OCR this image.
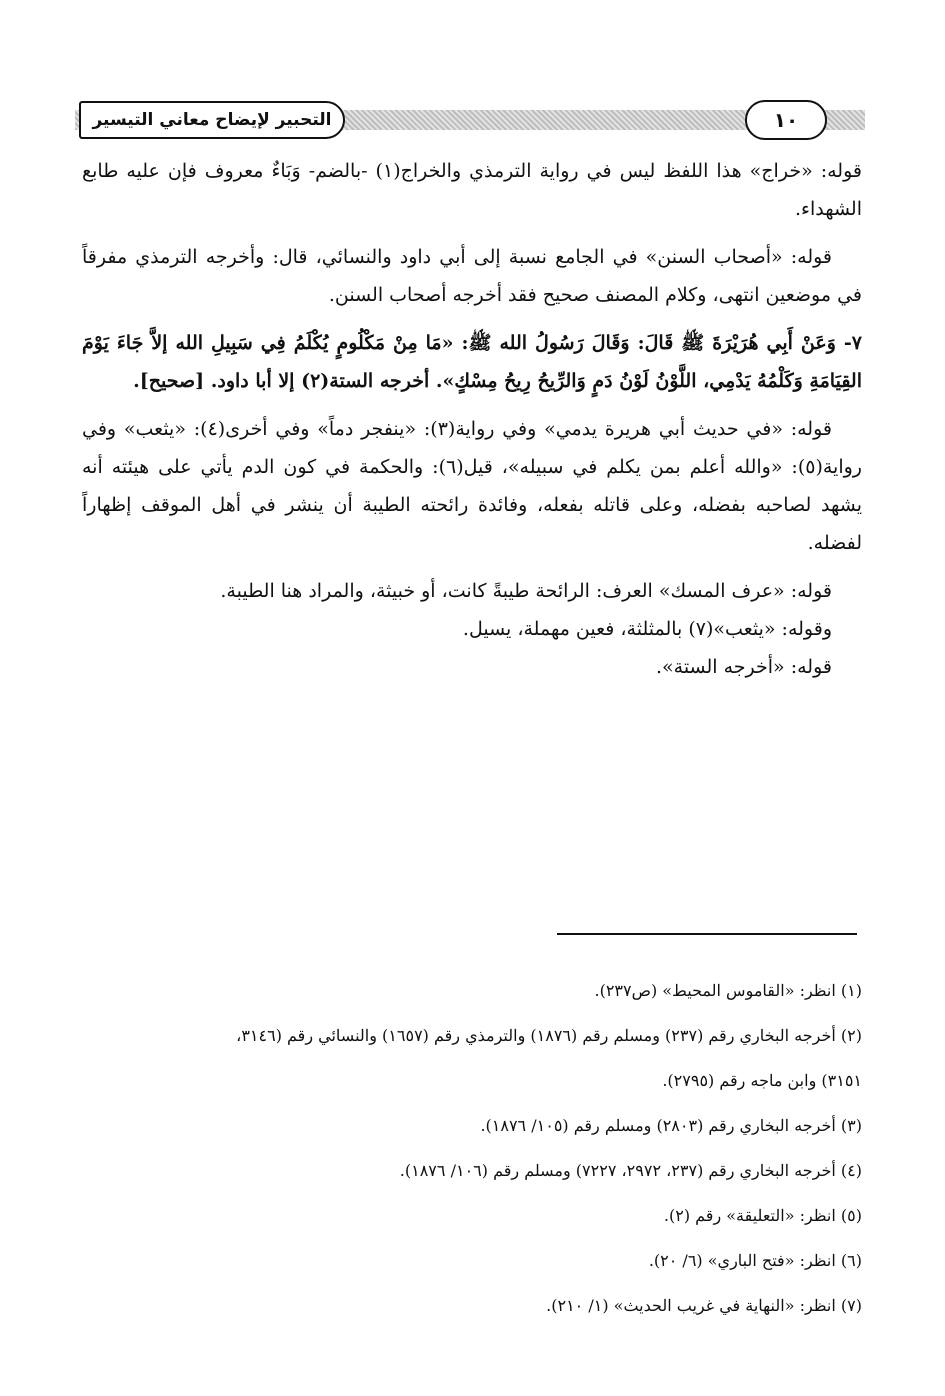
التحبير لإيضاح معاني التيسير	١٠

قوله: «خراج» هذا اللفظ ليس في رواية الترمذي والخراج(١) -بالضم- وَبَاءٌ معروف فإن عليه طابع الشهداء.

قوله: «أصحاب السنن» في الجامع نسبة إلى أبي داود والنسائي، قال: وأخرجه الترمذي مفرقاً في موضعين انتهى، وكلام المصنف صحيح فقد أخرجه أصحاب السنن.

٧- وَعَنْ أَبِي هُرَيْرَةَ ﷺ قَالَ: وَقَالَ رَسُولُ الله ﷺ: «مَا مِنْ مَكْلُومٍ يُكْلَمُ فِي سَبِيلِ الله إلاَّ جَاءَ يَوْمَ القِيَامَةِ وَكَلْمُهُ يَدْمِي، اللَّوْنُ لَوْنُ دَمٍ وَالرِّيحُ رِيحُ مِسْكٍ». أخرجه الستة(٢) إلا أبا داود. [صحيح].

قوله: «في حديث أبي هريرة يدمي» وفي رواية(٣): «ينفجر دماً» وفي أخرى(٤): «يثعب» وفي رواية(٥): «والله أعلم بمن يكلم في سبيله»، قيل(٦): والحكمة في كون الدم يأتي على هيئته أنه يشهد لصاحبه بفضله، وعلى قاتله بفعله، وفائدة رائحته الطيبة أن ينشر في أهل الموقف إظهاراً لفضله.

قوله: «عرف المسك» العرف: الرائحة طيبةً كانت، أو خبيثة، والمراد هنا الطيبة.

وقوله: «يثعب»(٧) بالمثلثة، فعين مهملة، يسيل.

قوله: «أخرجه الستة».

(١) انظر: «القاموس المحيط» (ص٢٣٧).

(٢) أخرجه البخاري رقم (٢٣٧) ومسلم رقم (١٨٧٦) والترمذي رقم (١٦٥٧) والنسائي رقم (٣١٤٦،

٣١٥١) وابن ماجه رقم (٢٧٩٥).

(٣) أخرجه البخاري رقم (٢٨٠٣) ومسلم رقم (١٠٥/ ١٨٧٦).

(٤) أخرجه البخاري رقم (٢٣٧، ٢٩٧٢، ٧٢٢٧) ومسلم رقم (١٠٦/ ١٨٧٦).

(٥) انظر: «التعليقة» رقم (٢).

(٦) انظر: «فتح الباري» (٦/ ٢٠).

(٧) انظر: «النهاية في غريب الحديث» (١/ ٢١٠).
